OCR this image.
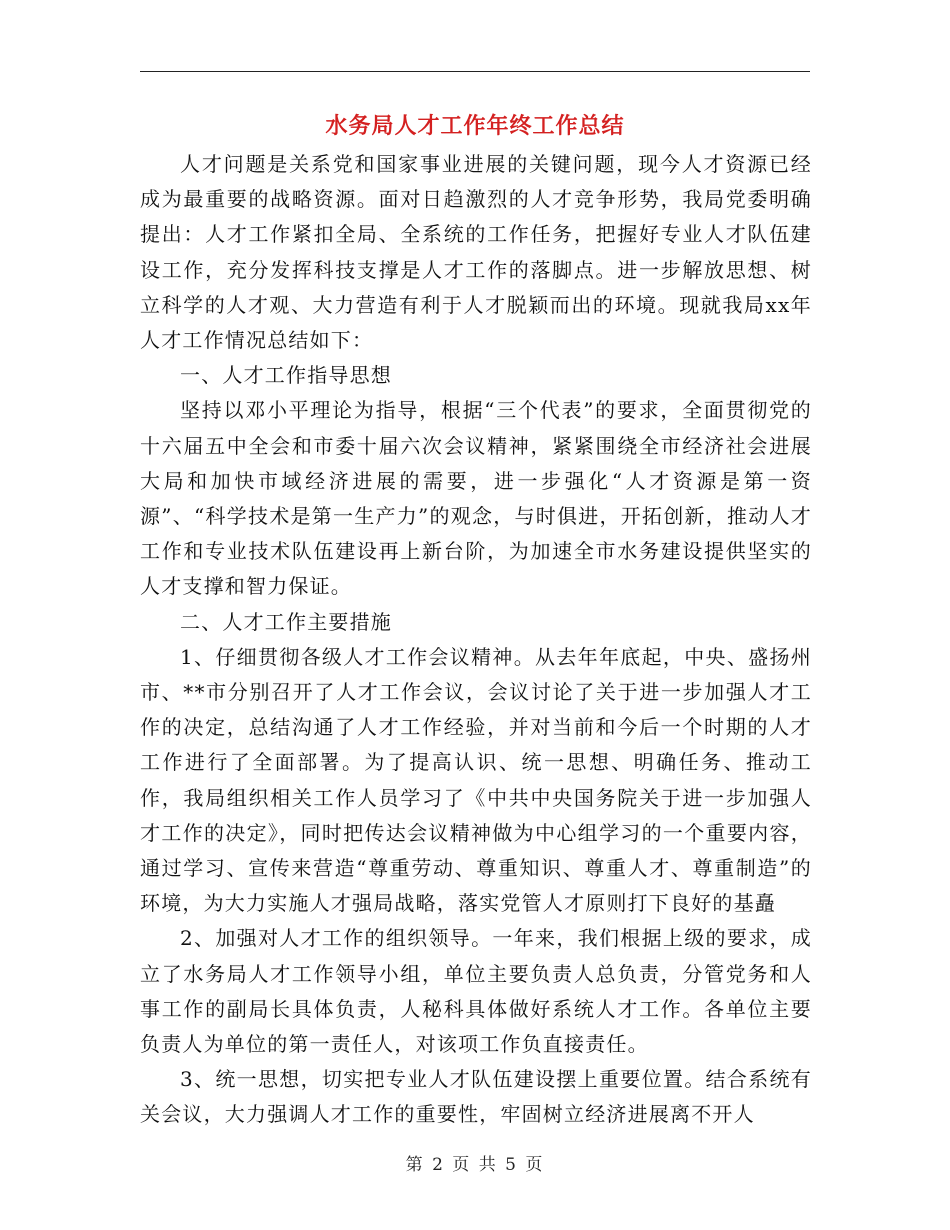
水务局人才工作年终工作总结

人才问题是关系党和国家事业进展的关键问题，现今人才资源已经成为最重要的战略资源。面对日趋激烈的人才竞争形势，我局党委明确提出：人才工作紧扣全局、全系统的工作任务，把握好专业人才队伍建设工作，充分发挥科技支撑是人才工作的落脚点。进一步解放思想、树立科学的人才观、大力营造有利于人才脱颖而出的环境。现就我局xx年人才工作情况总结如下：

一、人才工作指导思想

坚持以邓小平理论为指导，根据“三个代表”的要求，全面贯彻党的十六届五中全会和市委十届六次会议精神，紧紧围绕全市经济社会进展大局和加快市域经济进展的需要，进一步强化“人才资源是第一资源”、“科学技术是第一生产力”的观念，与时俱进，开拓创新，推动人才工作和专业技术队伍建设再上新台阶，为加速全市水务建设提供坚实的人才支撑和智力保证。

二、人才工作主要措施

1、仔细贯彻各级人才工作会议精神。从去年年底起，中央、盛扬州市、**市分别召开了人才工作会议，会议讨论了关于进一步加强人才工作的决定，总结沟通了人才工作经验，并对当前和今后一个时期的人才工作进行了全面部署。为了提高认识、统一思想、明确任务、推动工作，我局组织相关工作人员学习了《中共中央国务院关于进一步加强人才工作的决定》，同时把传达会议精神做为中心组学习的一个重要内容，通过学习、宣传来营造“尊重劳动、尊重知识、尊重人才、尊重制造”的环境，为大力实施人才强局战略，落实党管人才原则打下良好的基矗

2、加强对人才工作的组织领导。一年来，我们根据上级的要求，成立了水务局人才工作领导小组，单位主要负责人总负责，分管党务和人事工作的副局长具体负责，人秘科具体做好系统人才工作。各单位主要负责人为单位的第一责任人，对该项工作负直接责任。

3、统一思想，切实把专业人才队伍建设摆上重要位置。结合系统有关会议，大力强调人才工作的重要性，牢固树立经济进展离不开人

第 2 页 共 5 页
